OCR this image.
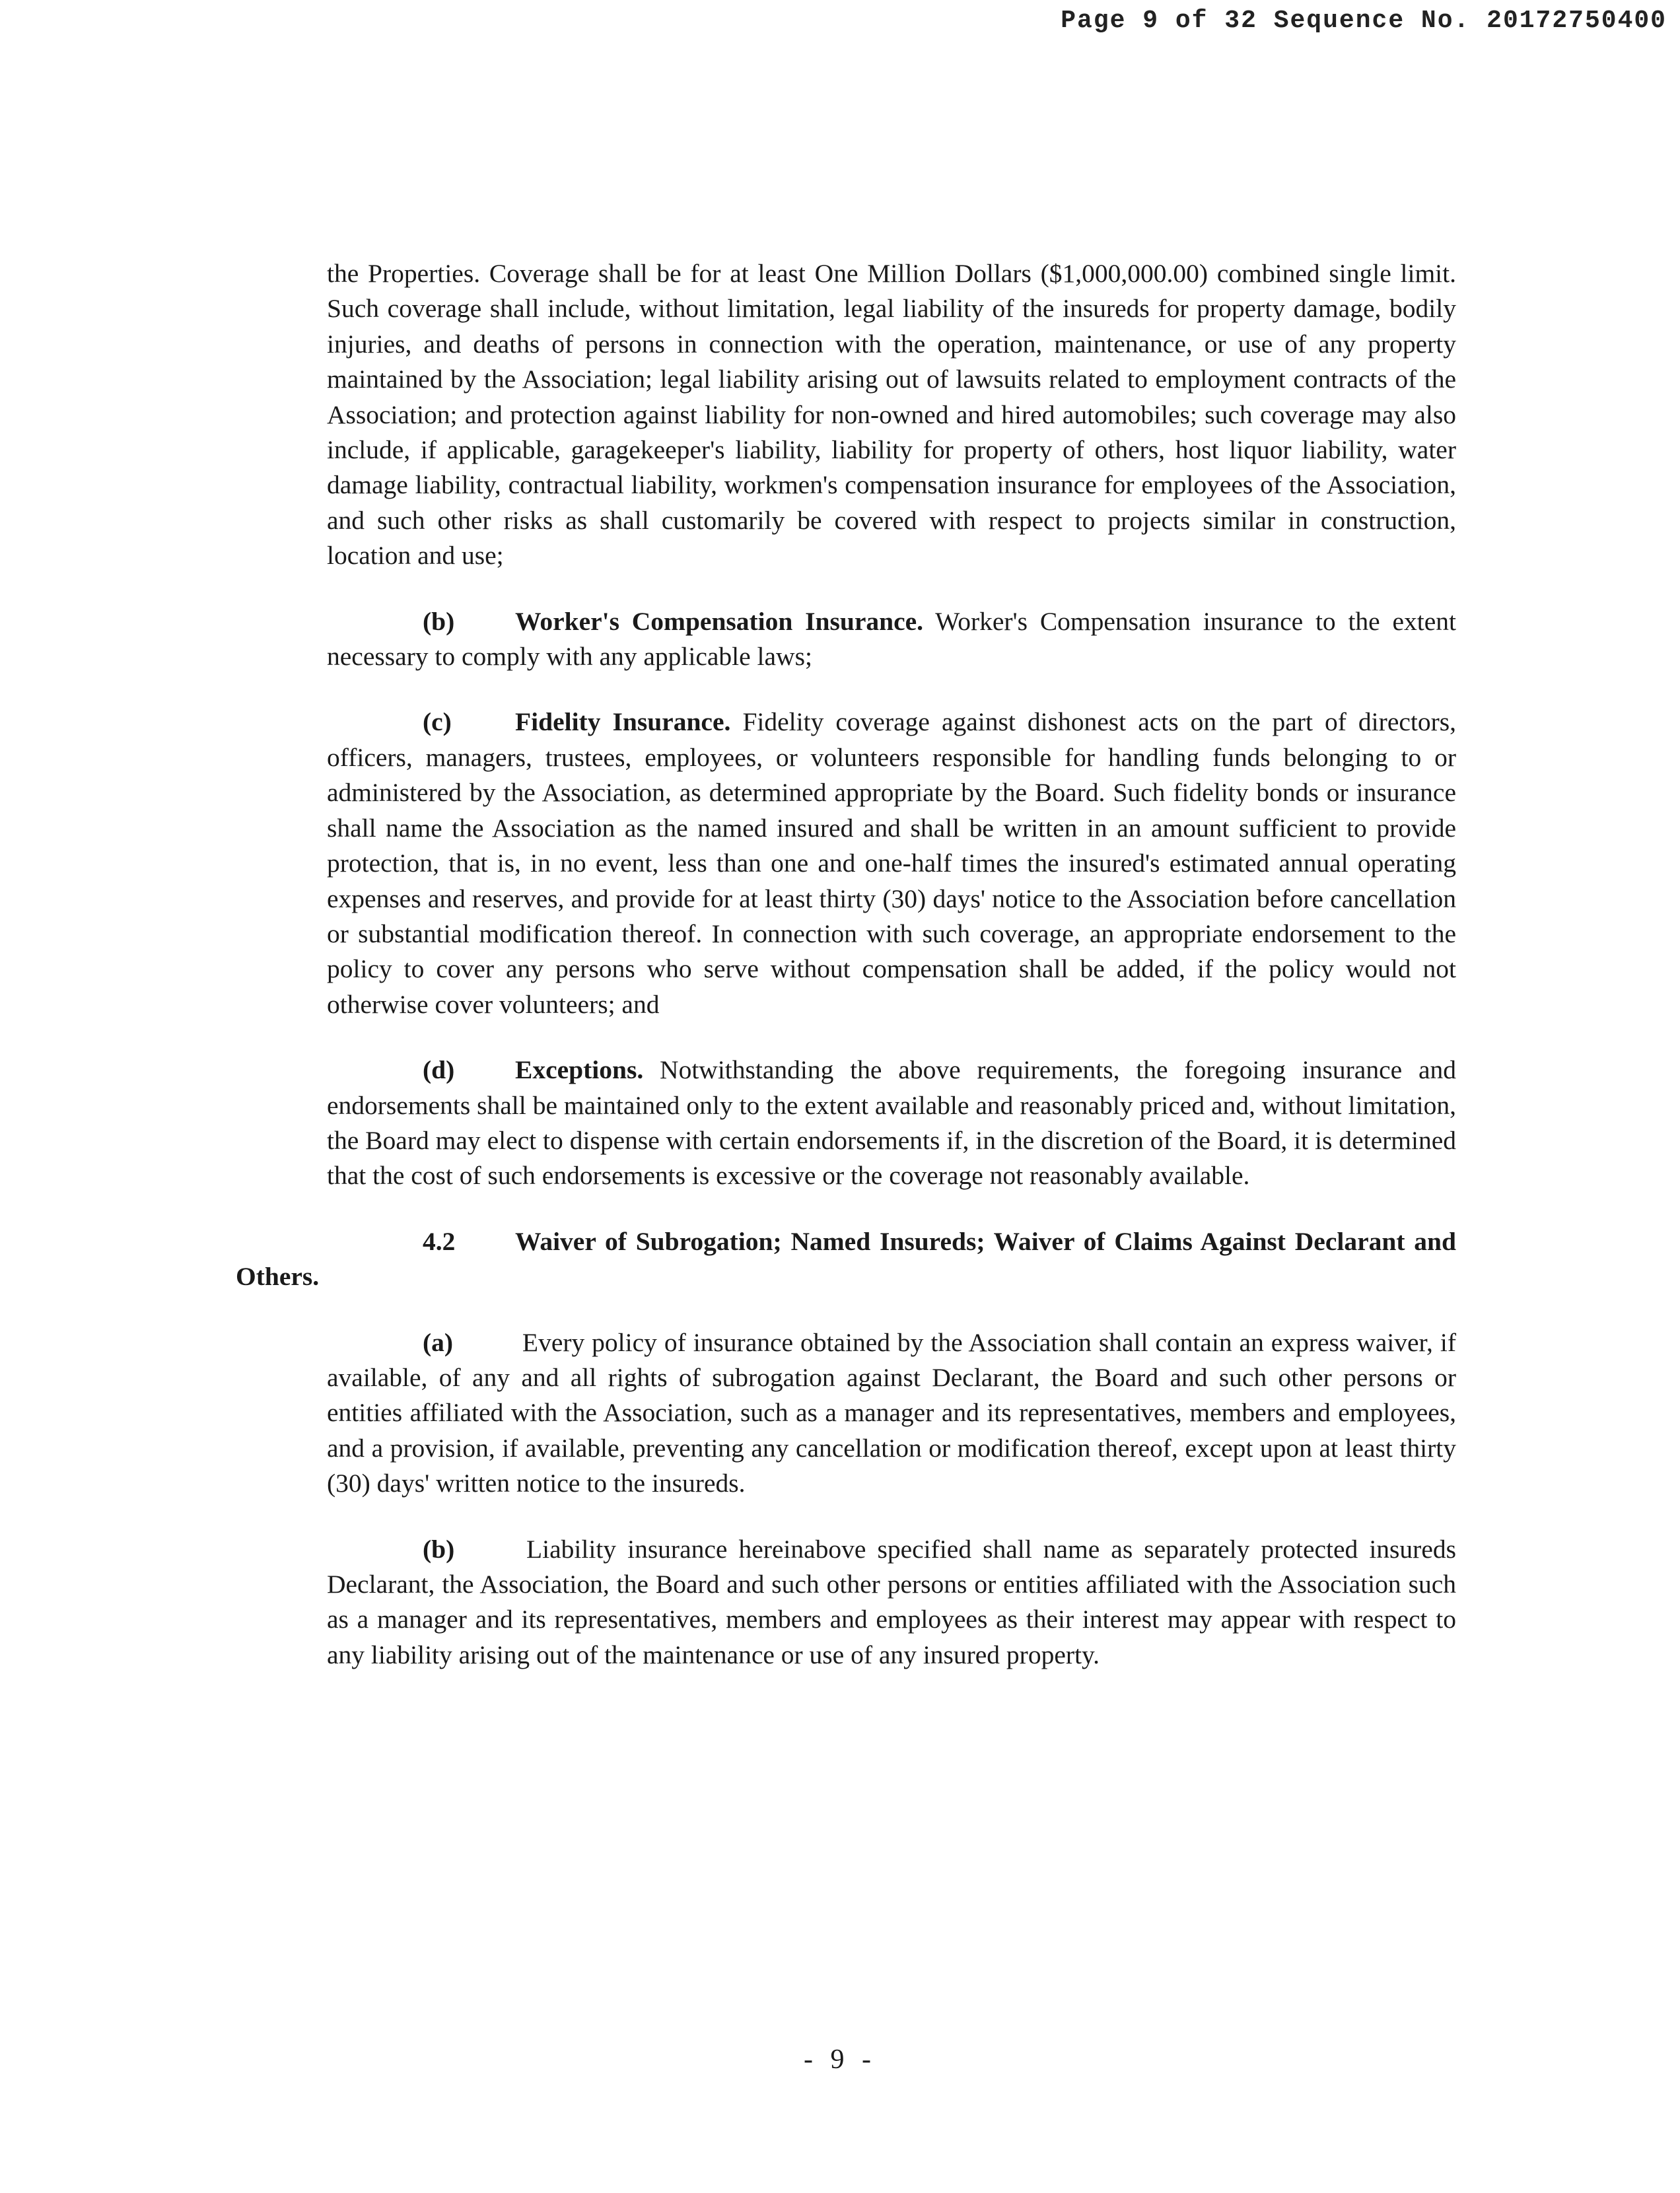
Page 9 of 32 Sequence No. 20172750400

the Properties. Coverage shall be for at least One Million Dollars ($1,000,000.00) combined single limit. Such coverage shall include, without limitation, legal liability of the insureds for property damage, bodily injuries, and deaths of persons in connection with the operation, maintenance, or use of any property maintained by the Association; legal liability arising out of lawsuits related to employment contracts of the Association; and protection against liability for non-owned and hired automobiles; such coverage may also include, if applicable, garagekeeper's liability, liability for property of others, host liquor liability, water damage liability, contractual liability, workmen's compensation insurance for employees of the Association, and such other risks as shall customarily be covered with respect to projects similar in construction, location and use;

(b) Worker's Compensation Insurance. Worker's Compensation insurance to the extent necessary to comply with any applicable laws;

(c) Fidelity Insurance. Fidelity coverage against dishonest acts on the part of directors, officers, managers, trustees, employees, or volunteers responsible for handling funds belonging to or administered by the Association, as determined appropriate by the Board. Such fidelity bonds or insurance shall name the Association as the named insured and shall be written in an amount sufficient to provide protection, that is, in no event, less than one and one-half times the insured's estimated annual operating expenses and reserves, and provide for at least thirty (30) days' notice to the Association before cancellation or substantial modification thereof. In connection with such coverage, an appropriate endorsement to the policy to cover any persons who serve without compensation shall be added, if the policy would not otherwise cover volunteers; and

(d) Exceptions. Notwithstanding the above requirements, the foregoing insurance and endorsements shall be maintained only to the extent available and reasonably priced and, without limitation, the Board may elect to dispense with certain endorsements if, in the discretion of the Board, it is determined that the cost of such endorsements is excessive or the coverage not reasonably available.

4.2 Waiver of Subrogation; Named Insureds; Waiver of Claims Against Declarant and Others.

(a) Every policy of insurance obtained by the Association shall contain an express waiver, if available, of any and all rights of subrogation against Declarant, the Board and such other persons or entities affiliated with the Association, such as a manager and its representatives, members and employees, and a provision, if available, preventing any cancellation or modification thereof, except upon at least thirty (30) days' written notice to the insureds.

(b) Liability insurance hereinabove specified shall name as separately protected insureds Declarant, the Association, the Board and such other persons or entities affiliated with the Association such as a manager and its representatives, members and employees as their interest may appear with respect to any liability arising out of the maintenance or use of any insured property.

- 9 -
